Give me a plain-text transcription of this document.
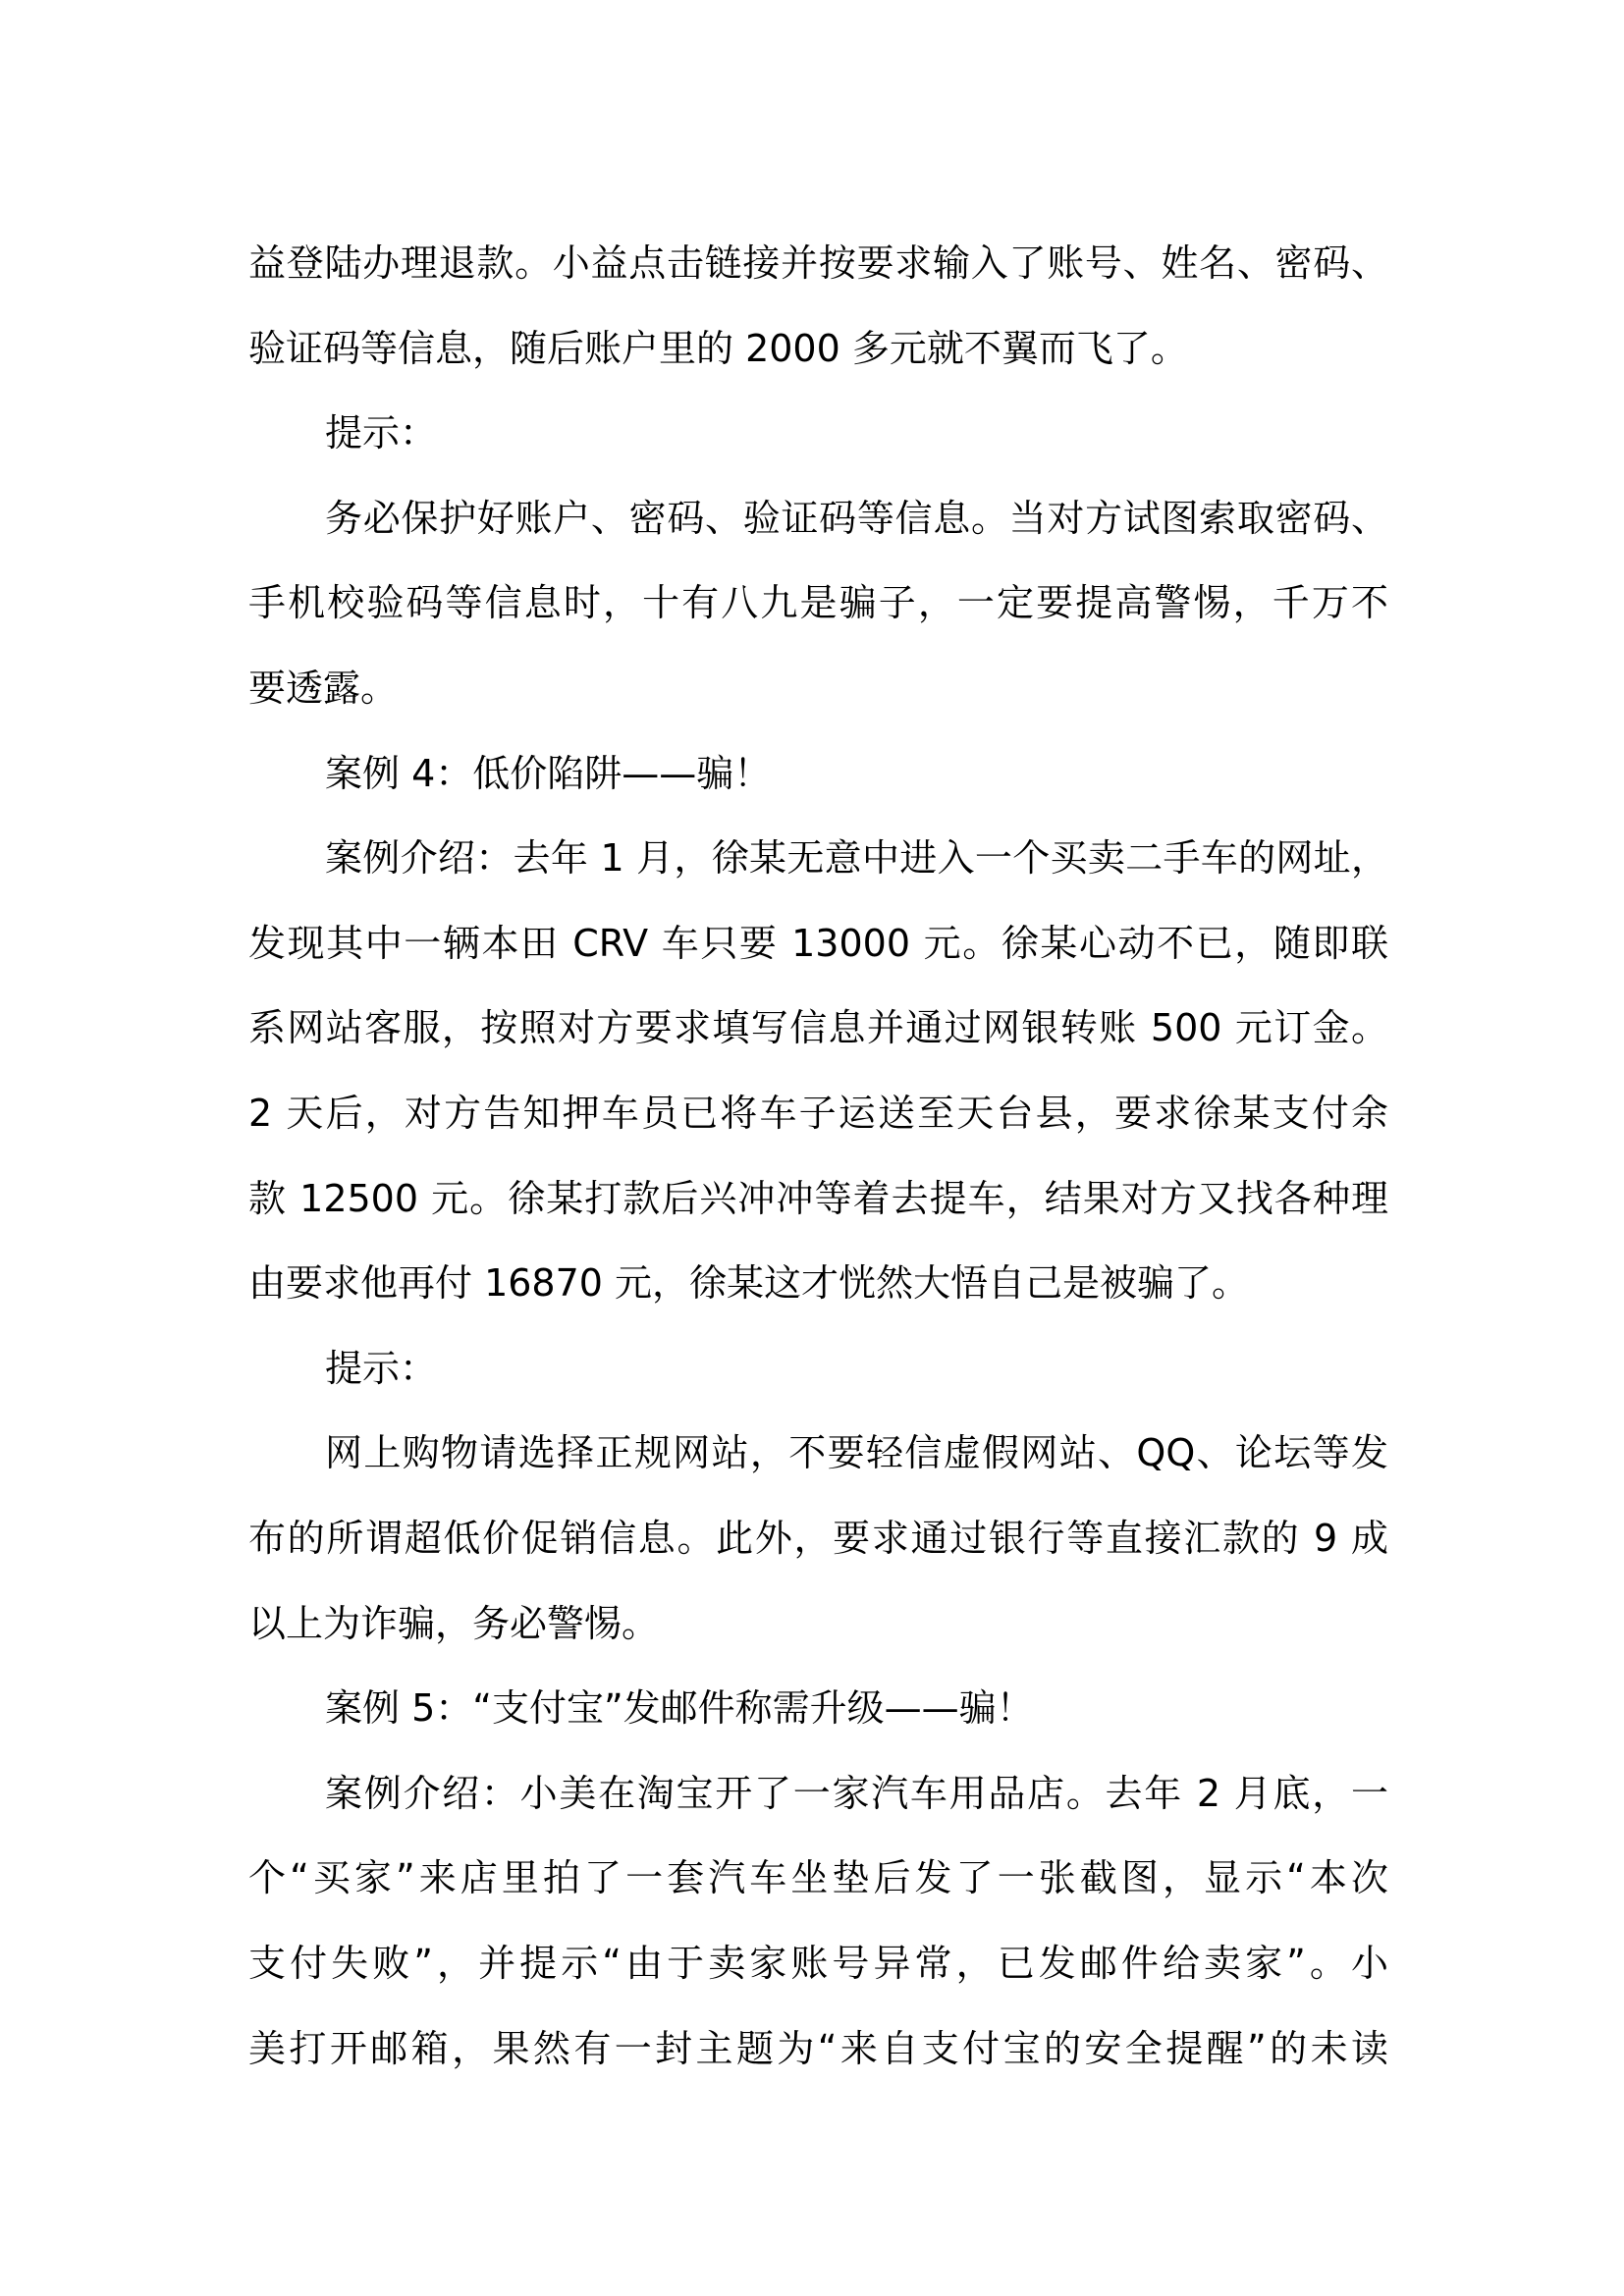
益登陆办理退款。小益点击链接并按要求输入了账号、姓名、密码、
验证码等信息，随后账户里的 2000 多元就不翼而飞了。
提示：
务必保护好账户、密码、验证码等信息。当对方试图索取密码、
手机校验码等信息时，十有八九是骗子，一定要提高警惕，千万不
要透露。
案例 4：低价陷阱——骗！
案例介绍：去年 1 月，徐某无意中进入一个买卖二手车的网址，
发现其中一辆本田 CRV 车只要 13000 元。徐某心动不已，随即联
系网站客服，按照对方要求填写信息并通过网银转账 500 元订金。
2 天后，对方告知押车员已将车子运送至天台县，要求徐某支付余
款 12500 元。徐某打款后兴冲冲等着去提车，结果对方又找各种理
由要求他再付 16870 元，徐某这才恍然大悟自己是被骗了。
提示：
网上购物请选择正规网站，不要轻信虚假网站、QQ、论坛等发
布的所谓超低价促销信息。此外，要求通过银行等直接汇款的 9 成
以上为诈骗，务必警惕。
案例 5：“支付宝”发邮件称需升级——骗！
案例介绍：小美在淘宝开了一家汽车用品店。去年 2 月底，一
个“买家”来店里拍了一套汽车坐垫后发了一张截图，显示“本次
支付失败”，并提示“由于卖家账号异常，已发邮件给卖家”。小
美打开邮箱，果然有一封主题为“来自支付宝的安全提醒”的未读
